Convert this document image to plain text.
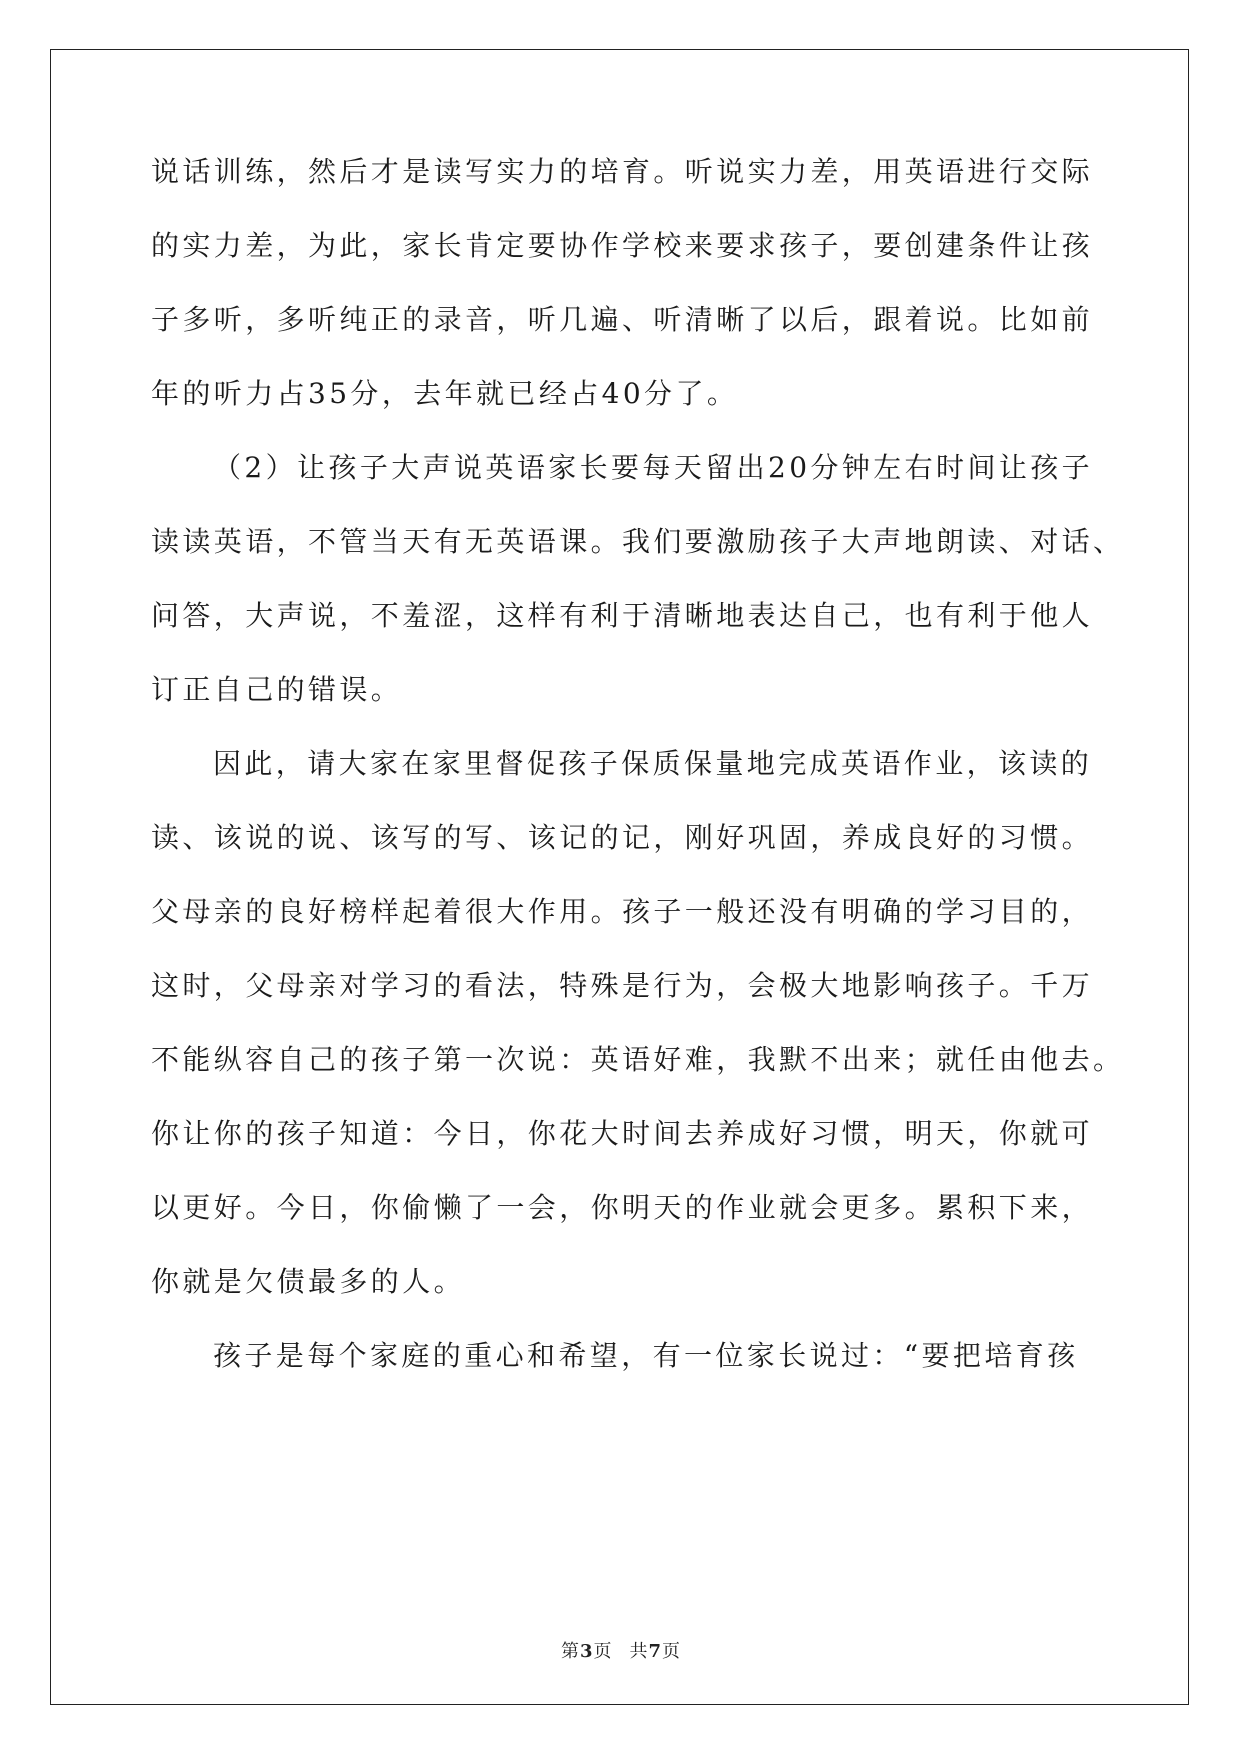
说话训练，然后才是读写实力的培育。听说实力差，用英语进行交际
的实力差，为此，家长肯定要协作学校来要求孩子，要创建条件让孩
子多听，多听纯正的录音，听几遍、听清晰了以后，跟着说。比如前
年的听力占35分，去年就已经占40分了。
（2）让孩子大声说英语家长要每天留出20分钟左右时间让孩子
读读英语，不管当天有无英语课。我们要激励孩子大声地朗读、对话、
问答，大声说，不羞涩，这样有利于清晰地表达自己，也有利于他人
订正自己的错误。
因此，请大家在家里督促孩子保质保量地完成英语作业，该读的
读、该说的说、该写的写、该记的记，刚好巩固，养成良好的习惯。
父母亲的良好榜样起着很大作用。孩子一般还没有明确的学习目的，
这时，父母亲对学习的看法，特殊是行为，会极大地影响孩子。千万
不能纵容自己的孩子第一次说：英语好难，我默不出来；就任由他去。
你让你的孩子知道：今日，你花大时间去养成好习惯，明天，你就可
以更好。今日，你偷懒了一会，你明天的作业就会更多。累积下来，
你就是欠债最多的人。
孩子是每个家庭的重心和希望，有一位家长说过：“要把培育孩
第3页 共7页
